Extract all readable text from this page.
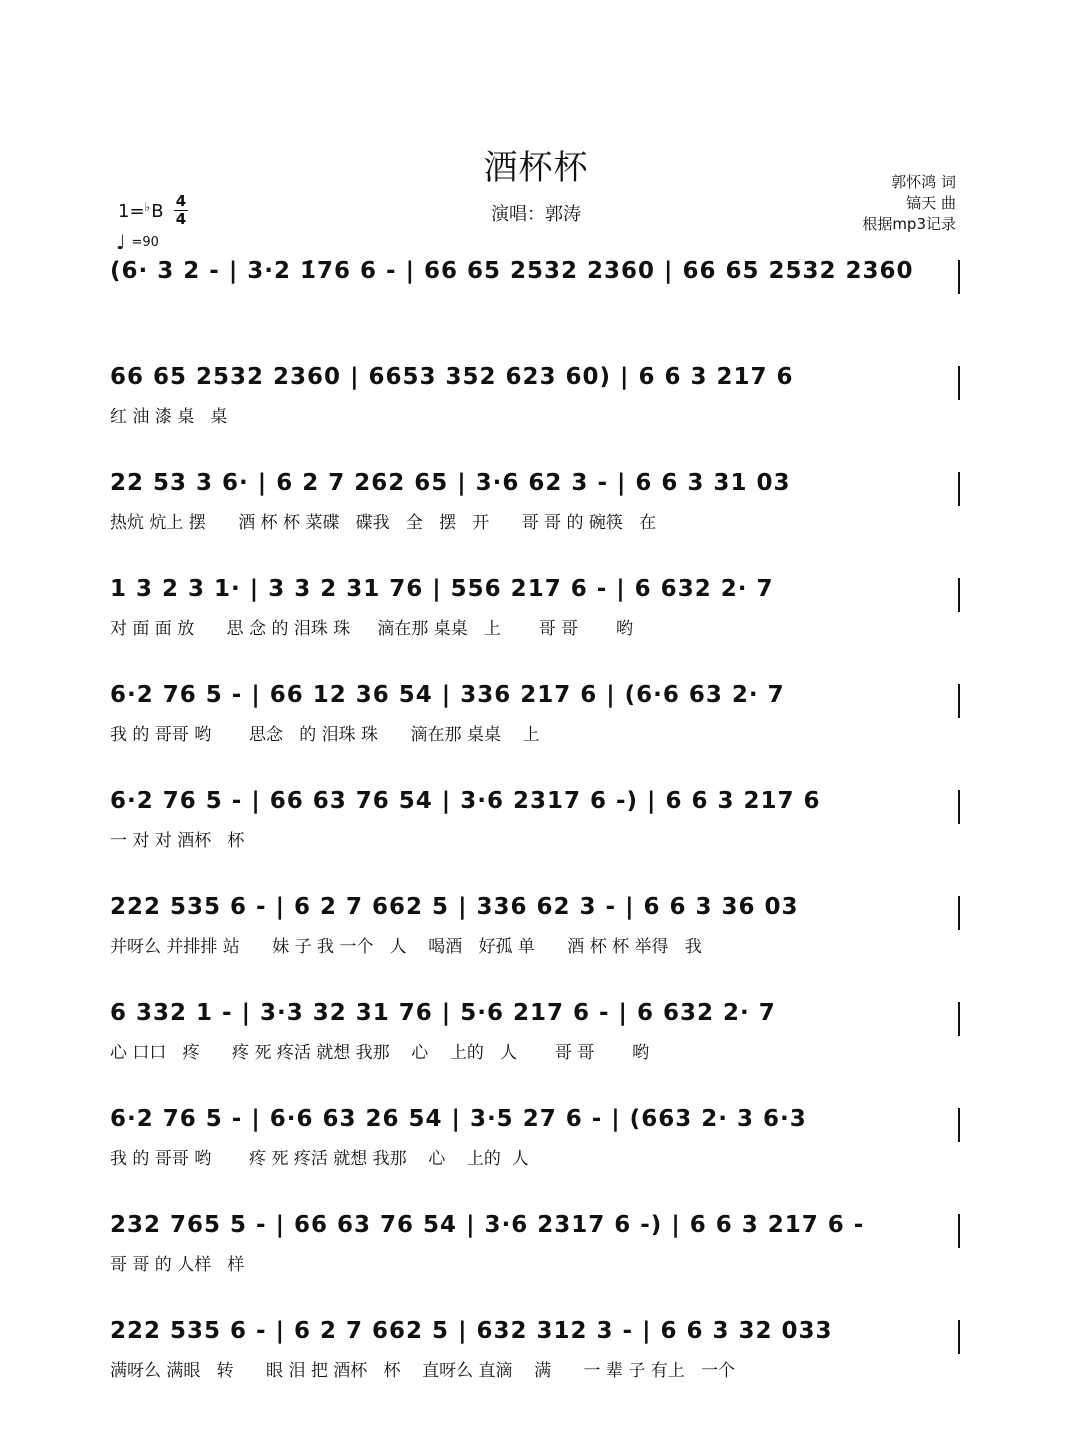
酒杯杯
演唱：郭涛
郭怀鸿 词
镐天 曲
根据mp3记录
1=♭B 4
4
♩ =90
(6· 3 2 - | 3·2 1̇76 6 - | 66 65 2532 2360 | 66 65 2532 2360
66 65 2532 2360 | 6653 352 623 60) | 6 6 3 217 6
红 油 漆 桌   桌
22 53 3 6· | 6 2 7 262 65 | 3·6 62 3 - | 6 6 3 31 03
热炕 炕上 摆      酒 杯 杯 菜碟   碟我   全   摆   开      哥 哥 的 碗筷   在
1 3 2 3 1· | 3 3 2 31 76 | 556 217 6 - | 6 632 2· 7
对 面 面 放      思 念 的 泪珠 珠     滴在那 桌桌   上       哥 哥       哟
6·2 76 5 - | 66 12 36 54 | 336 217 6 | (6·6 63 2· 7
我 的 哥哥 哟       思念   的 泪珠 珠      滴在那 桌桌    上
6·2 76 5 - | 66 63 76 54 | 3·6 2317 6 -) | 6 6 3 217 6
一 对 对 酒杯   杯
222 535 6 - | 6 2 7 662 5 | 336 62 3 - | 6 6 3 36 03
并呀么 并排排 站      妹 子 我 一个   人    喝酒   好孤 单      酒 杯 杯 举得   我
6 332 1 - | 3·3 32 31 76 | 5·6 217 6 - | 6 632 2· 7
心 口口   疼      疼 死 疼活 就想 我那    心    上的   人       哥 哥       哟
6·2 76 5 - | 6·6 63 26 54 | 3·5 27 6 - | (663 2· 3 6·3
我 的 哥哥 哟       疼 死 疼活 就想 我那    心    上的  人
232 765 5 - | 66 63 76 54 | 3·6 2317 6 -) | 6 6 3 217 6 -
哥 哥 的 人样   样
222 535 6 - | 6 2 7 662 5 | 632 312 3 - | 6 6 3 32 033
满呀么 满眼   转      眼 泪 把 酒杯   杯    直呀么 直滴    满      一 辈 子 有上   一个
